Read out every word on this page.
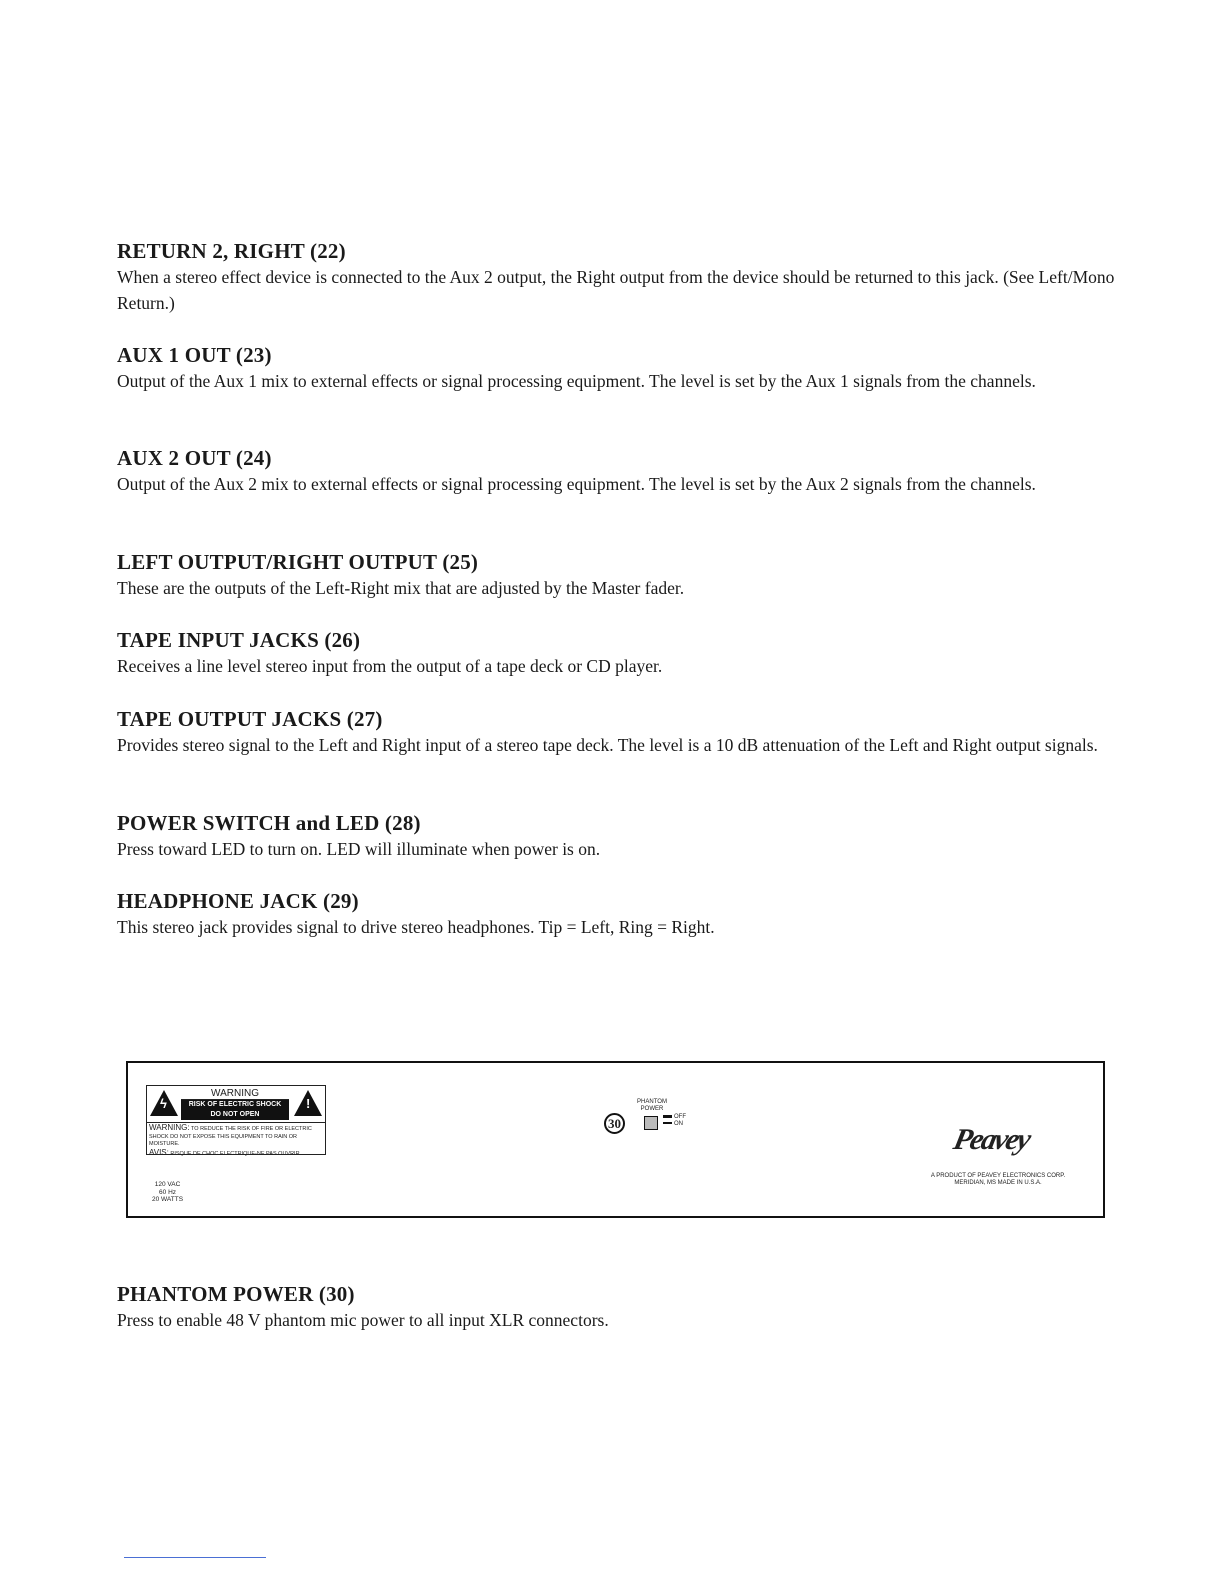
RETURN 2, RIGHT (22)

When a stereo effect device is connected to the Aux 2 output, the Right output from the device should be returned to this jack. (See Left/Mono Return.)

AUX 1 OUT (23)

Output of the Aux 1 mix to external effects or signal processing equipment. The level is set by the Aux 1 signals from the channels.

AUX 2 OUT (24)

Output of the Aux 2 mix to external effects or signal processing equipment. The level is set by the Aux 2 signals from the channels.

LEFT OUTPUT/RIGHT OUTPUT (25)

These are the outputs of the Left-Right mix that are adjusted by the Master fader.

TAPE INPUT JACKS (26)

Receives a line level stereo input from the output of a tape deck or CD player.

TAPE OUTPUT JACKS (27)

Provides stereo signal to the Left and Right input of a stereo tape deck. The level is a 10 dB attenuation of the Left and Right output signals.

POWER SWITCH and LED (28)

Press toward LED to turn on. LED will illuminate when power is on.

HEADPHONE JACK (29)

This stereo jack provides signal to drive stereo headphones. Tip = Left, Ring = Right.

ϟ
WARNING
RISK OF ELECTRIC SHOCK
DO NOT OPEN
!
WARNING: TO REDUCE THE RISK OF FIRE OR ELECTRIC SHOCK DO NOT EXPOSE THIS EQUIPMENT TO RAIN OR MOISTURE.
AVIS: RISQUE DE CHOC ELECTRIQUE-NE PAS OUVRIR
120 VAC
60 Hz
20 WATTS
PHANTOM
POWER
30	OFF
ON	Peavey
A PRODUCT OF PEAVEY ELECTRONICS CORP.
MERIDIAN, MS MADE IN U.S.A.
PHANTOM POWER (30)

Press to enable 48 V phantom mic power to all input XLR connectors.
